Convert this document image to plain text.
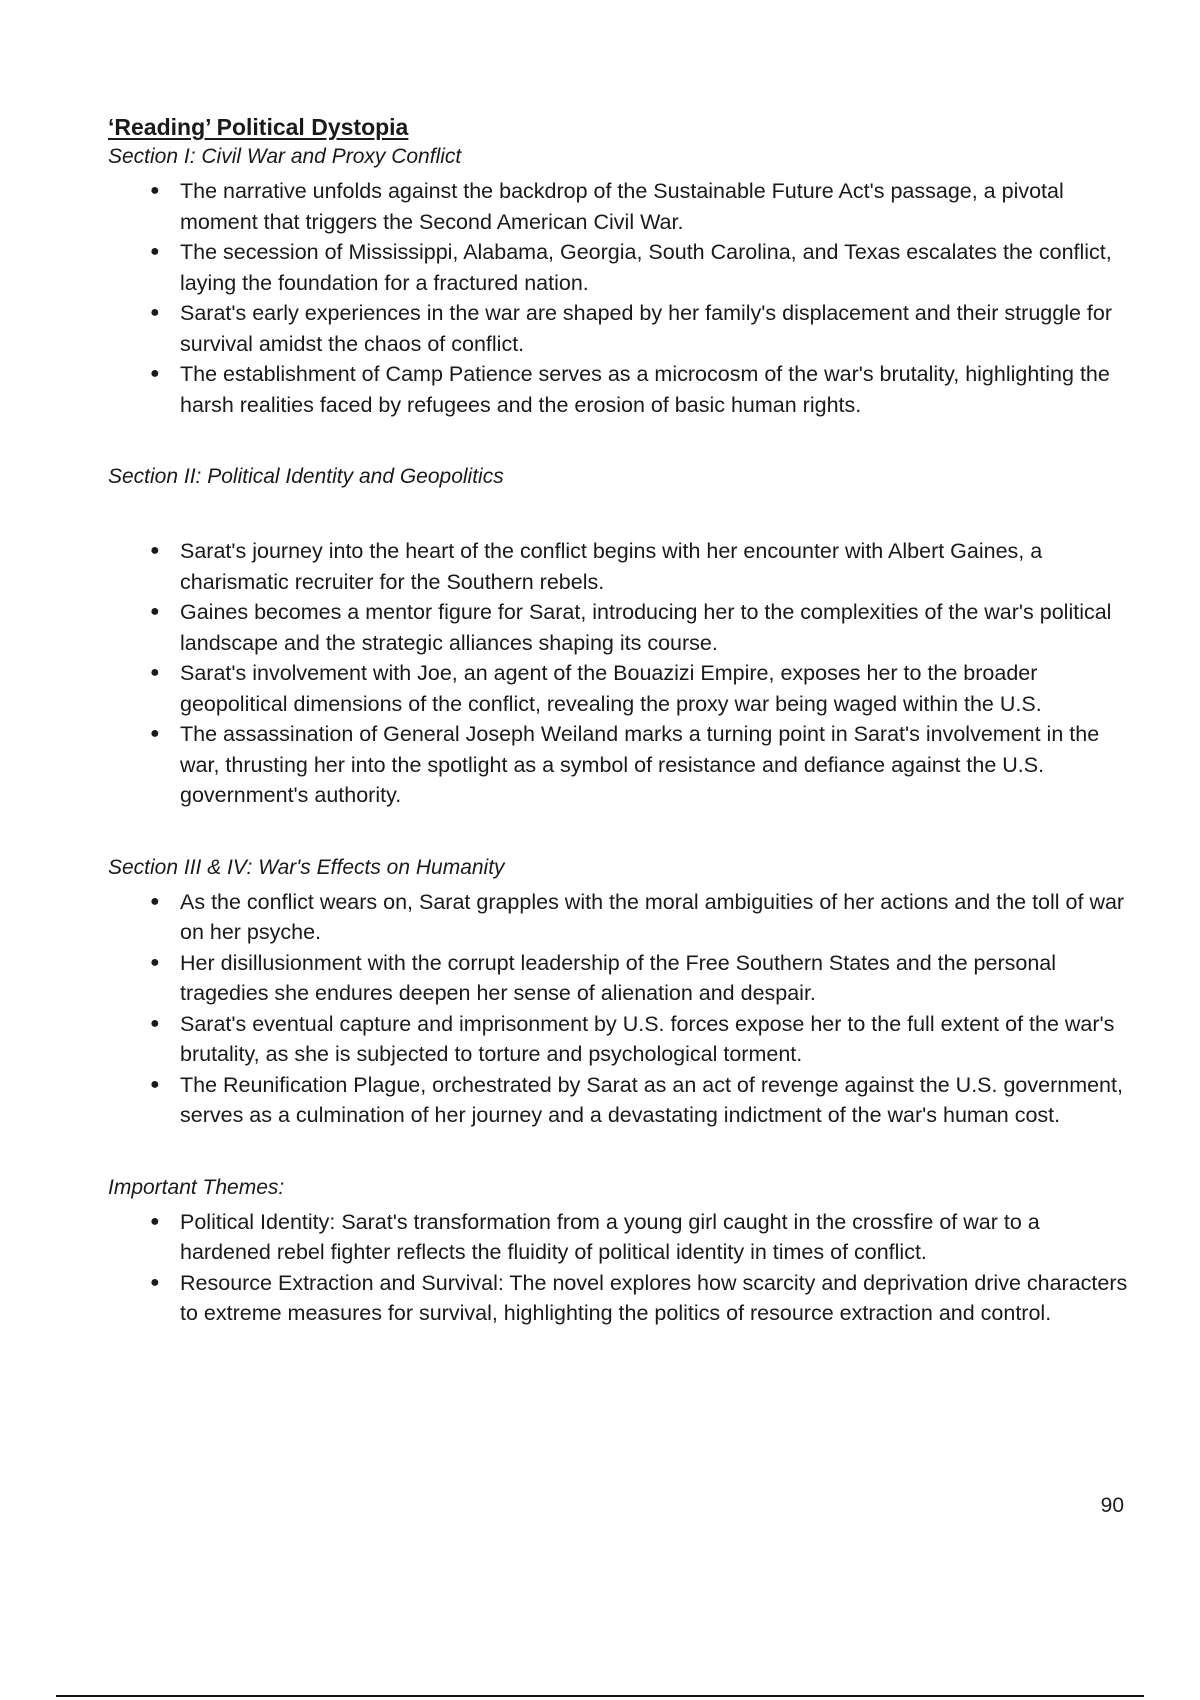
‘Reading’ Political Dystopia

Section I: Civil War and Proxy Conflict

● The narrative unfolds against the backdrop of the Sustainable Future Act's passage, a pivotal moment that triggers the Second American Civil War.
● The secession of Mississippi, Alabama, Georgia, South Carolina, and Texas escalates the conflict, laying the foundation for a fractured nation.
● Sarat's early experiences in the war are shaped by her family's displacement and their struggle for survival amidst the chaos of conflict.
● The establishment of Camp Patience serves as a microcosm of the war's brutality, highlighting the harsh realities faced by refugees and the erosion of basic human rights.

Section II: Political Identity and Geopolitics

● Sarat's journey into the heart of the conflict begins with her encounter with Albert Gaines, a charismatic recruiter for the Southern rebels.
● Gaines becomes a mentor figure for Sarat, introducing her to the complexities of the war's political landscape and the strategic alliances shaping its course.
● Sarat's involvement with Joe, an agent of the Bouazizi Empire, exposes her to the broader geopolitical dimensions of the conflict, revealing the proxy war being waged within the U.S.
● The assassination of General Joseph Weiland marks a turning point in Sarat's involvement in the war, thrusting her into the spotlight as a symbol of resistance and defiance against the U.S. government's authority.

Section III & IV: War's Effects on Humanity

● As the conflict wears on, Sarat grapples with the moral ambiguities of her actions and the toll of war on her psyche.
● Her disillusionment with the corrupt leadership of the Free Southern States and the personal tragedies she endures deepen her sense of alienation and despair.
● Sarat's eventual capture and imprisonment by U.S. forces expose her to the full extent of the war's brutality, as she is subjected to torture and psychological torment.
● The Reunification Plague, orchestrated by Sarat as an act of revenge against the U.S. government, serves as a culmination of her journey and a devastating indictment of the war's human cost.

Important Themes:

● Political Identity: Sarat's transformation from a young girl caught in the crossfire of war to a hardened rebel fighter reflects the fluidity of political identity in times of conflict.
● Resource Extraction and Survival: The novel explores how scarcity and deprivation drive characters to extreme measures for survival, highlighting the politics of resource extraction and control.
90
